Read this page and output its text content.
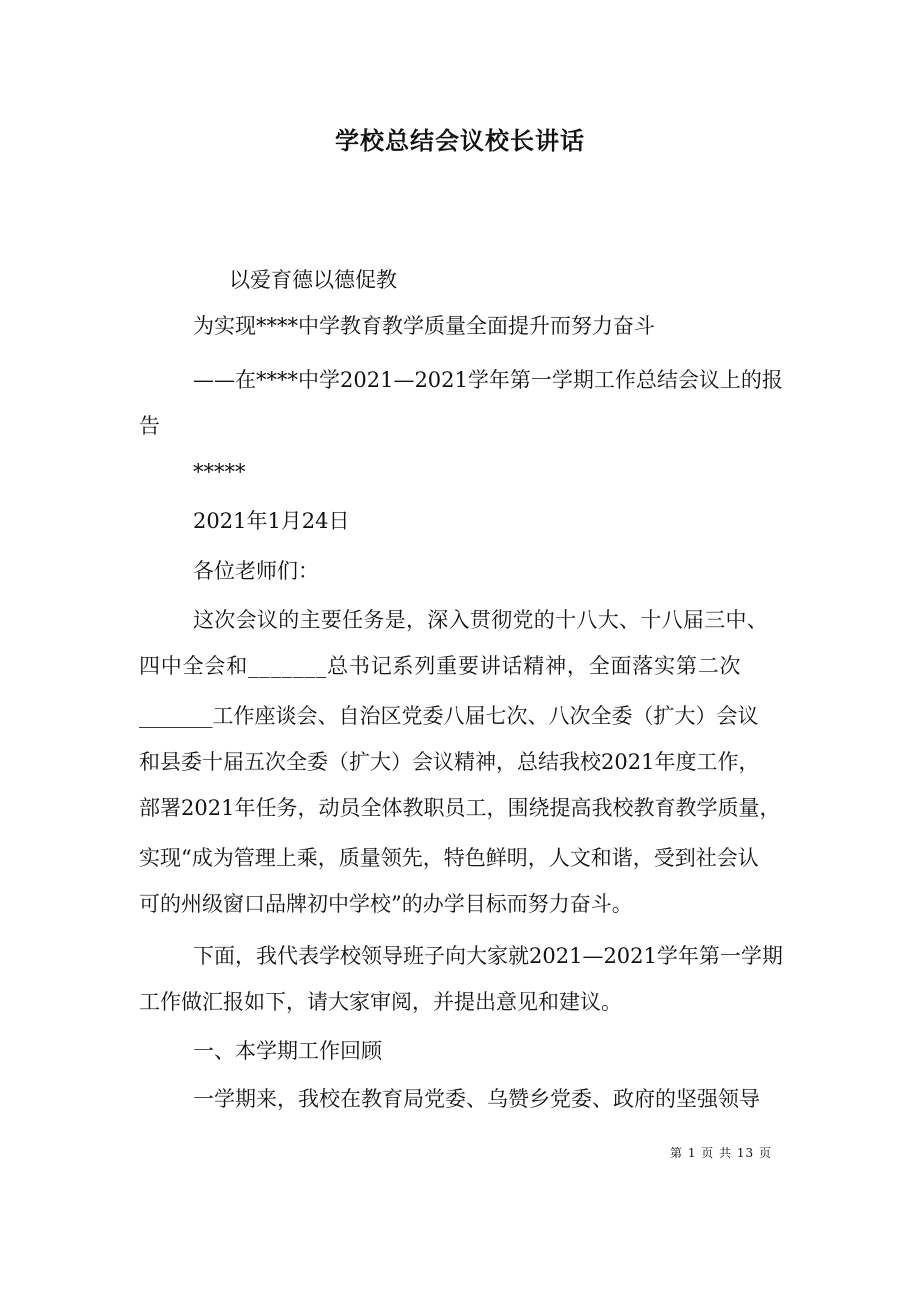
学校总结会议校长讲话
以爱育德以德促教
为实现****中学教育教学质量全面提升而努力奋斗
——在****中学2021—2021学年第一学期工作总结会议上的报
告
*****
2021年1月24日
各位老师们：
这次会议的主要任务是，深入贯彻党的十八大、十八届三中、
四中全会和_______总书记系列重要讲话精神，全面落实第二次
_______工作座谈会、自治区党委八届七次、八次全委（扩大）会议
和县委十届五次全委（扩大）会议精神，总结我校2021年度工作，
部署2021年任务，动员全体教职员工，围绕提高我校教育教学质量，
实现“成为管理上乘，质量领先，特色鲜明，人文和谐，受到社会认
可的州级窗口品牌初中学校”的办学目标而努力奋斗。
下面，我代表学校领导班子向大家就2021—2021学年第一学期
工作做汇报如下，请大家审阅，并提出意见和建议。
一、本学期工作回顾
一学期来，我校在教育局党委、乌赞乡党委、政府的坚强领导
第 1 页 共 13 页
